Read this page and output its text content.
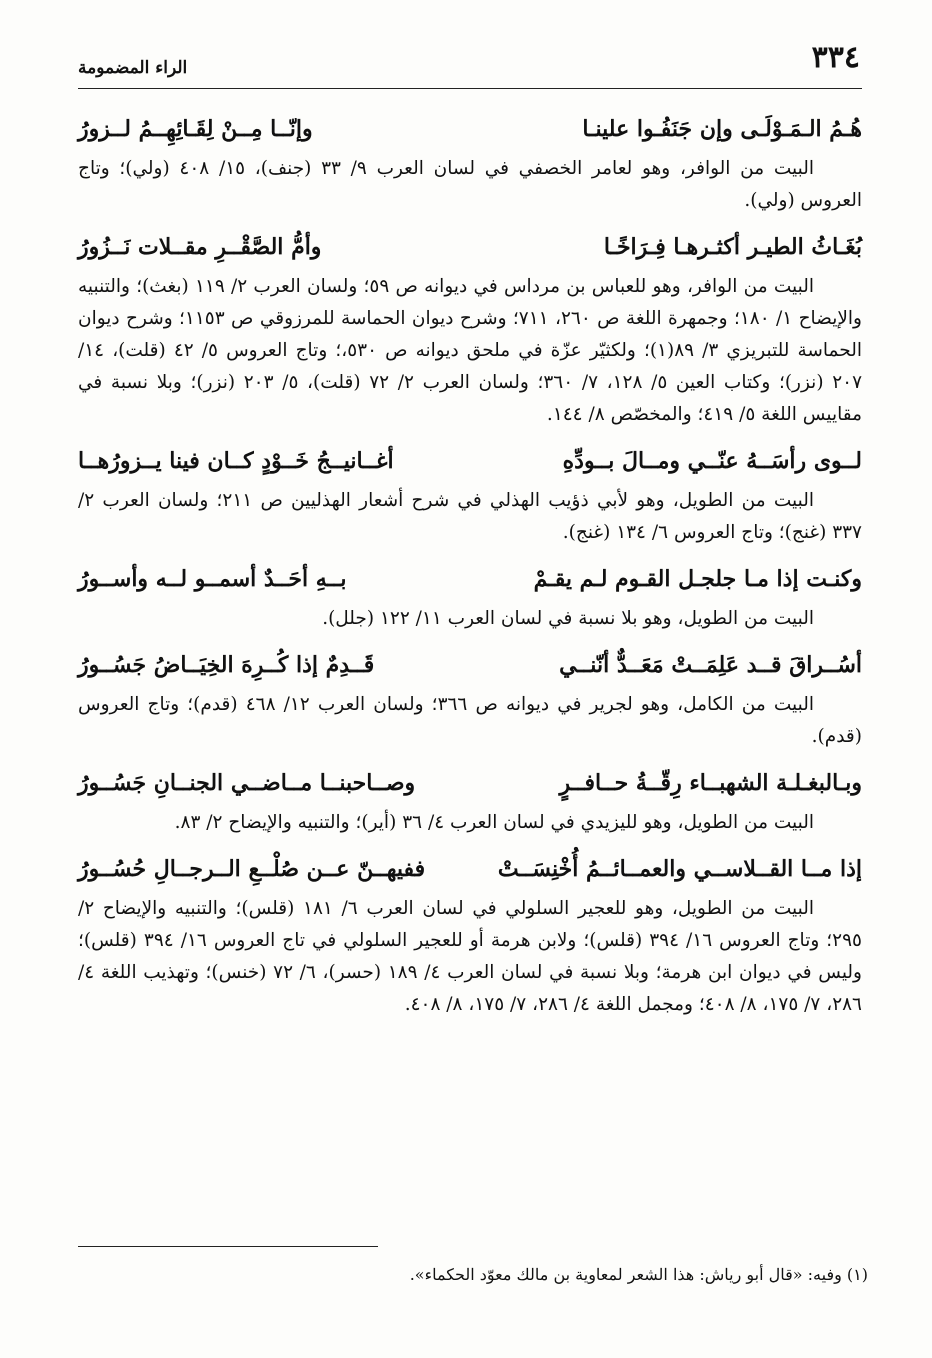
٣٣٤
الراء المضمومة
هُـمُ الـمَـوْلَـى وإن جَنَفُـوا علينـا
وإنّــا مِــنْ لِقَـائِهِــمُ لــزورُ

البيت من الوافر، وهو لعامر الخصفي في لسان العرب ٩/ ٣٣ (جنف)، ١٥/ ٤٠٨ (ولي)؛ وتاج العروس (ولي).

بُغَـاثُ الطيـر أكثـرهـا فِـرَاخًـا
وأمُّ الصَّقْــرِ مقــلات نَــزُورُ

البيت من الوافر، وهو للعباس بن مرداس في ديوانه ص ٥٩؛ ولسان العرب ٢/ ١١٩ (بغث)؛ والتنبيه والإيضاح ١/ ١٨٠؛ وجمهرة اللغة ص ٢٦٠، ٧١١؛ وشرح ديوان الحماسة للمرزوقي ص ١١٥٣؛ وشرح ديوان الحماسة للتبريزي ٣/ ٨٩(١)؛ ولكثيّر عزّة في ملحق ديوانه ص ٥٣٠،؛ وتاج العروس ٥/ ٤٢ (قلت)، ١٤/ ٢٠٧ (نزر)؛ وكتاب العين ٥/ ١٢٨، ٧/ ٣٦٠؛ ولسان العرب ٢/ ٧٢ (قلت)، ٥/ ٢٠٣ (نزر)؛ وبلا نسبة في مقاييس اللغة ٥/ ٤١٩؛ والمخصّص ٨/ ١٤٤.

لــوى رأسَــهُ عنّــي ومــالَ بــودِّهِ
أغــانيــجُ خَــوْدٍ كــان فينا يــزورُهــا

البيت من الطويل، وهو لأبي ذؤيب الهذلي في شرح أشعار الهذليين ص ٢١١؛ ولسان العرب ٢/ ٣٣٧ (غنج)؛ وتاج العروس ٦/ ١٣٤ (غنج).

وكنـت إذا مـا جلجـل القـوم لـم يقـمْ
بــهِ أحَــدٌ أسمــو لــه وأســورُ

البيت من الطويل، وهو بلا نسبة في لسان العرب ١١/ ١٢٢ (جلل).

أسُــراقَ قــد عَلِمَــتْ مَعَــدٌّ أنّنــي
قَــدِمٌ إذا كُــرِهَ الخِيَــاضُ جَسُــورُ

البيت من الكامل، وهو لجرير في ديوانه ص ٣٦٦؛ ولسان العرب ١٢/ ٤٦٨ (قدم)؛ وتاج العروس (قدم).

وبـالبغـلـة الشهبــاء رِقّــةُ حــافــرٍ
وصــاحبنــا مــاضــي الجنــانِ جَسُــورُ

البيت من الطويل، وهو لليزيدي في لسان العرب ٤/ ٣٦ (أير)؛ والتنبيه والإيضاح ٢/ ٨٣.

إذا مــا القــلاســي والعمــائــمُ أُخْنِسَــتْ
ففيهــنّ عــن صُلْــعِ الــرجــالِ حُسُــورُ

البيت من الطويل، وهو للعجير السلولي في لسان العرب ٦/ ١٨١ (قلس)؛ والتنبيه والإيضاح ٢/ ٢٩٥؛ وتاج العروس ١٦/ ٣٩٤ (قلس)؛ ولابن هرمة أو للعجير السلولي في تاج العروس ١٦/ ٣٩٤ (قلس)؛ وليس في ديوان ابن هرمة؛ وبلا نسبة في لسان العرب ٤/ ١٨٩ (حسر)، ٦/ ٧٢ (خنس)؛ وتهذيب اللغة ٤/ ٢٨٦، ٧/ ١٧٥، ٨/ ٤٠٨؛ ومجمل اللغة ٤/ ٢٨٦، ٧/ ١٧٥، ٨/ ٤٠٨.

(١) وفيه: «قال أبو رياش: هذا الشعر لمعاوية بن مالك معوّد الحكماء».
